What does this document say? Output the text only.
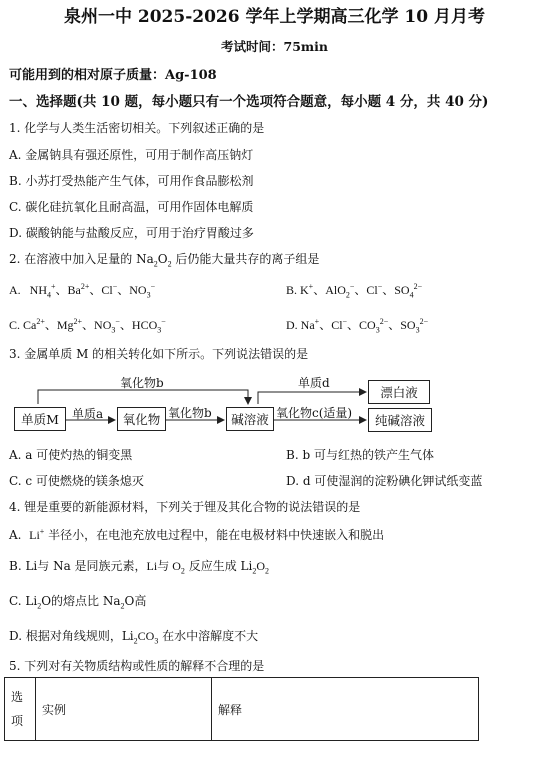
泉州一中 2025-2026 学年上学期高三化学 10 月月考
考试时间：75min
可能用到的相对原子质量：Ag-108
一、选择题(共 10 题，每小题只有一个选项符合题意，每小题 4 分，共 40 分)
1. 化学与人类生活密切相关。下列叙述正确的是
A. 金属钠具有强还原性，可用于制作高压钠灯
B. 小苏打受热能产生气体，可用作食品膨松剂
C. 碳化硅抗氧化且耐高温，可用作固体电解质
D. 碳酸钠能与盐酸反应，可用于治疗胃酸过多
2. 在溶液中加入足量的 $Na_2O_2$ 后仍能大量共存的离子组是
A.   $NH_4^+$、$Ba^{2+}$、Cl−、$NO_3^-$	B. K+、AlO$_2$−、Cl−、$SO_4^{2-}$
C. $Ca^{2+}$、$Mg^{2+}$、$NO_3^-$、$HCO_3^-$	D. Na+、Cl−、$CO_3^{2-}$、$SO_3^{2-}$
3. 金属单质 M 的相关转化如下所示。下列说法错误的是
氧化物b
单质a	氧化物b
单质d
氧化物c(适量)
单质M	氧化物	碱溶液
漂白液
纯碱溶液
A. a 可使灼热的铜变黑	B. b 可与红热的铁产生气体
C. c 可使燃烧的镁条熄灭	D. d 可使湿润的淀粉碘化钾试纸变蓝
4. 锂是重要的新能源材料，下列关于锂及其化合物的说法错误的是
A.  Li+ 半径小，在电池充放电过程中，能在电极材料中快速嵌入和脱出
B. Li与 Na 是同族元素，Li与 $O_2$ 反应生成 $Li_2O_2$
C. $Li_2O$的熔点比 $Na_2O$高
D. 根据对角线规则，$Li_2CO_3$ 在水中溶解度不大
5. 下列对有关物质结构或性质的解释不合理的是
选项	实例	解释
